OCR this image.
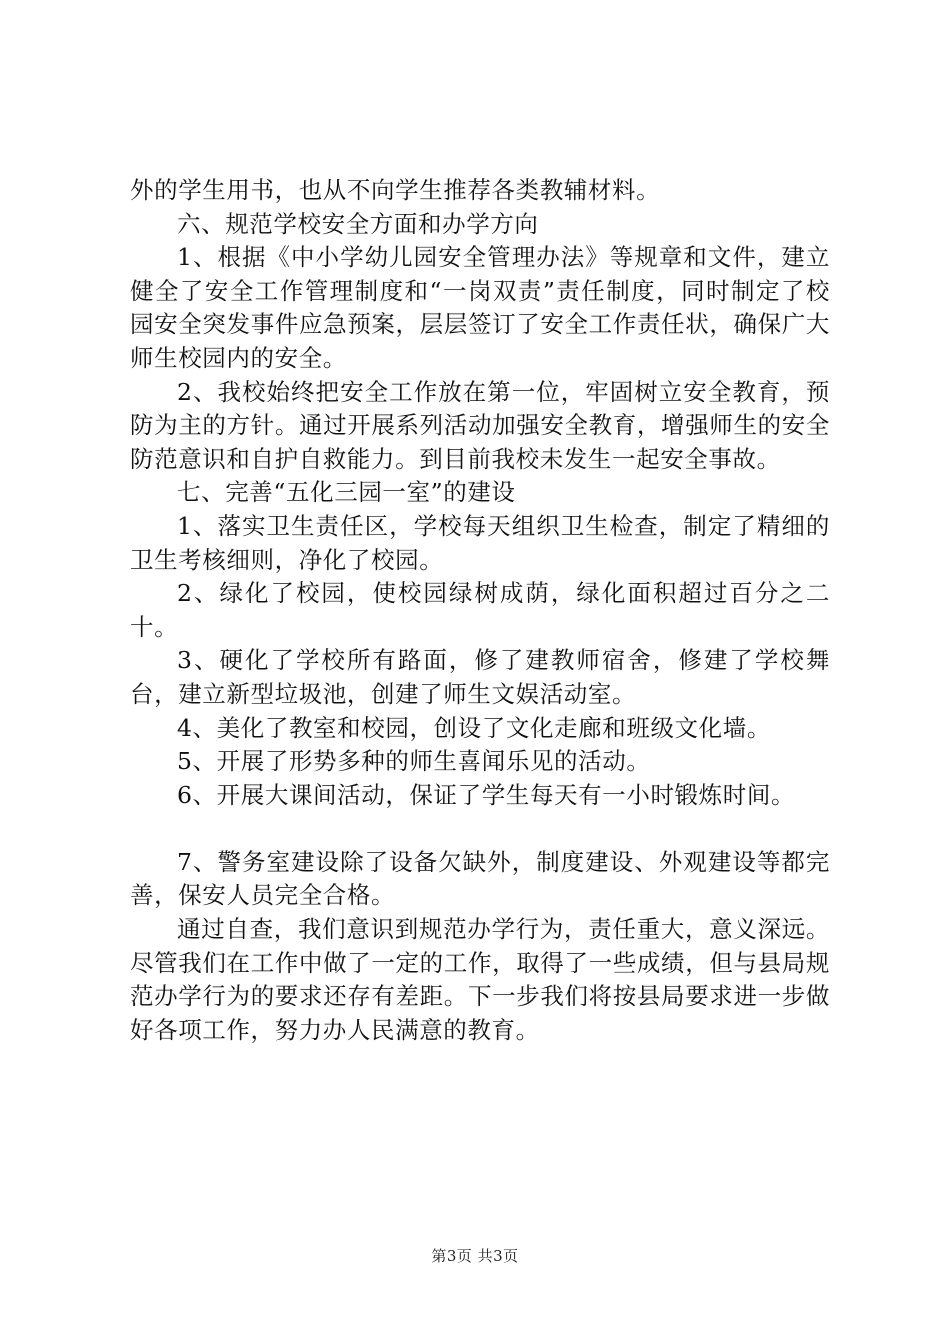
外的学生用书，也从不向学生推荐各类教辅材料。

六、规范学校安全方面和办学方向

1、根据《中小学幼儿园安全管理办法》等规章和文件，建立健全了安全工作管理制度和“一岗双责”责任制度，同时制定了校园安全突发事件应急预案，层层签订了安全工作责任状，确保广大师生校园内的安全。

2、我校始终把安全工作放在第一位，牢固树立安全教育，预防为主的方针。通过开展系列活动加强安全教育，增强师生的安全防范意识和自护自救能力。到目前我校未发生一起安全事故。

七、完善“五化三园一室”的建设

1、落实卫生责任区，学校每天组织卫生检查，制定了精细的卫生考核细则，净化了校园。

2、绿化了校园，使校园绿树成荫，绿化面积超过百分之二十。

3、硬化了学校所有路面，修了建教师宿舍，修建了学校舞台，建立新型垃圾池，创建了师生文娱活动室。

4、美化了教室和校园，创设了文化走廊和班级文化墙。

5、开展了形势多种的师生喜闻乐见的活动。

6、开展大课间活动，保证了学生每天有一小时锻炼时间。

7、警务室建设除了设备欠缺外，制度建设、外观建设等都完善，保安人员完全合格。

通过自查，我们意识到规范办学行为，责任重大，意义深远。尽管我们在工作中做了一定的工作，取得了一些成绩，但与县局规范办学行为的要求还存有差距。下一步我们将按县局要求进一步做好各项工作，努力办人民满意的教育。

第3页 共3页
